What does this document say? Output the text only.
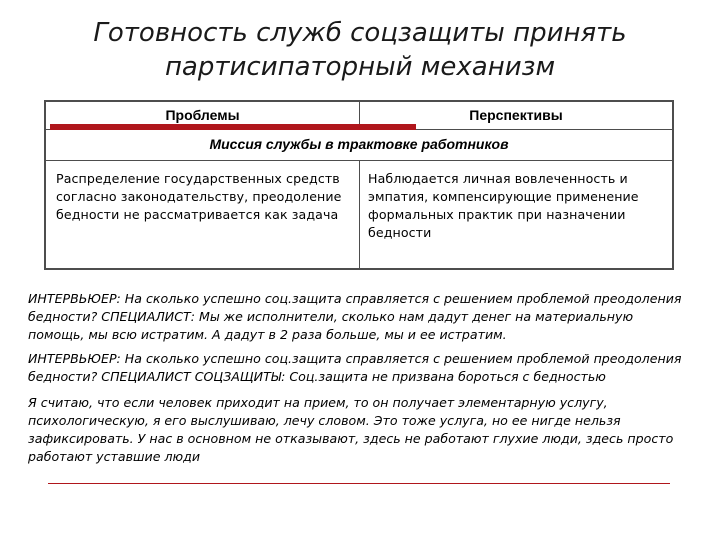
Готовность служб соцзащиты принять
партисипаторный механизм
Проблемы	Перспективы
Миссия службы в трактовке работников
Распределение государственных средств согласно законодательству, преодоление бедности не рассматривается как задача
Наблюдается личная вовлеченность и эмпатия, компенсирующие применение формальных практик при назначении бедности

ИНТЕРВЬЮЕР: На сколько успешно соц.защита справляется с решением проблемой преодоления бедности? СПЕЦИАЛИСТ: Мы же исполнители, сколько нам дадут денег на материальную помощь, мы всю истратим. А дадут в 2 раза больше, мы и ее истратим.

ИНТЕРВЬЮЕР: На сколько успешно соц.защита справляется с решением проблемой преодоления бедности? СПЕЦИАЛИСТ СОЦЗАЩИТЫ: Соц.защита не призвана бороться с бедностью

Я считаю, что если человек приходит на прием, то он получает элементарную услугу, психологическую, я его выслушиваю, лечу словом. Это тоже услуга, но ее нигде нельзя зафиксировать. У нас в основном не отказывают, здесь не работают глухие люди, здесь просто работают уставшие люди
